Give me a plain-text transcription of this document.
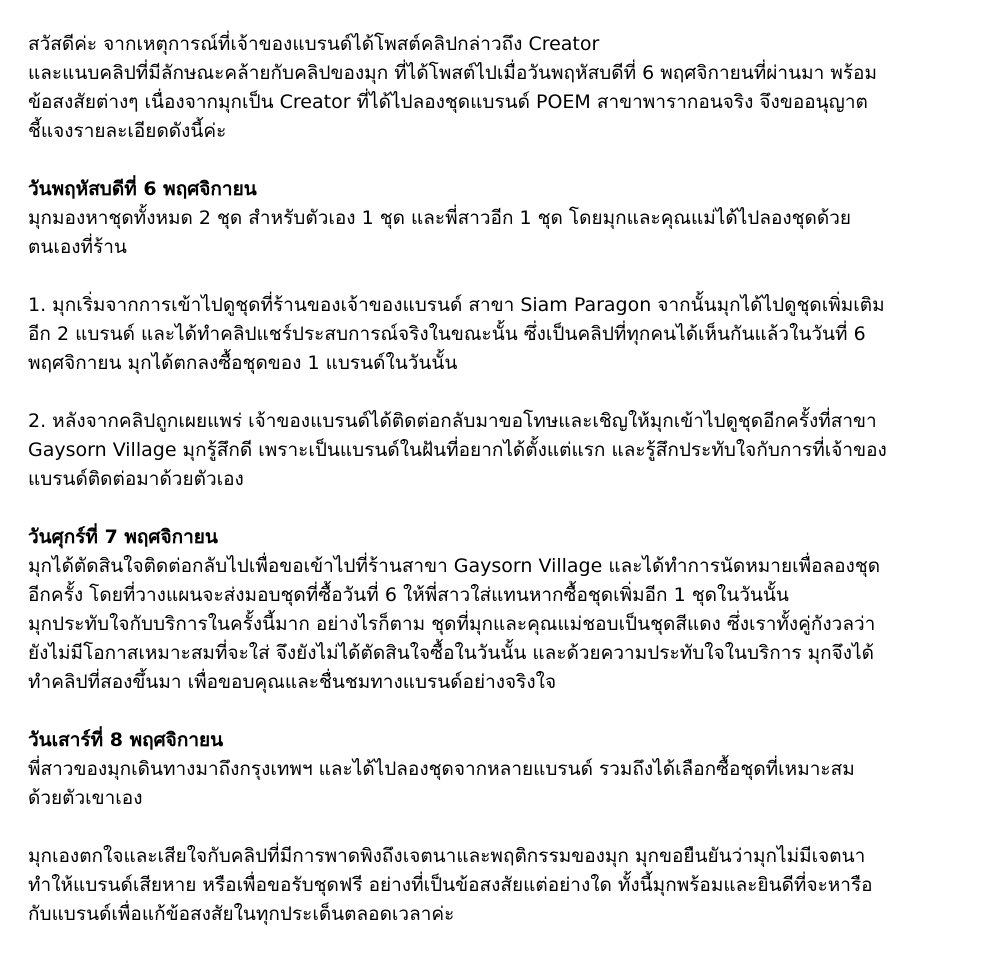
สวัสดีค่ะ จากเหตุการณ์ที่เจ้าของแบรนด์ได้โพสต์คลิปกล่าวถึง Creator
และแนบคลิปที่มีลักษณะคล้ายกับคลิปของมุก ที่ได้โพสต์ไปเมื่อวันพฤหัสบดีที่ 6 พฤศจิกายนที่ผ่านมา พร้อม
ข้อสงสัยต่างๆ เนื่องจากมุกเป็น Creator ที่ได้ไปลองชุดแบรนด์ POEM สาขาพารากอนจริง จึงขออนุญาต
ชี้แจงรายละเอียดดังนี้ค่ะ
วันพฤหัสบดีที่ 6 พฤศจิกายน
มุกมองหาชุดทั้งหมด 2 ชุด สำหรับตัวเอง 1 ชุด และพี่สาวอีก 1 ชุด โดยมุกและคุณแม่ได้ไปลองชุดด้วย
ตนเองที่ร้าน
1. มุกเริ่มจากการเข้าไปดูชุดที่ร้านของเจ้าของแบรนด์ สาขา Siam Paragon จากนั้นมุกได้ไปดูชุดเพิ่มเติม
อีก 2 แบรนด์ และได้ทำคลิปแชร์ประสบการณ์จริงในขณะนั้น ซึ่งเป็นคลิปที่ทุกคนได้เห็นกันแล้วในวันที่ 6
พฤศจิกายน มุกได้ตกลงซื้อชุดของ 1 แบรนด์ในวันนั้น
2. หลังจากคลิปถูกเผยแพร่ เจ้าของแบรนด์ได้ติดต่อกลับมาขอโทษและเชิญให้มุกเข้าไปดูชุดอีกครั้งที่สาขา
Gaysorn Village มุกรู้สึกดี เพราะเป็นแบรนด์ในฝันที่อยากได้ตั้งแต่แรก และรู้สึกประทับใจกับการที่เจ้าของ
แบรนด์ติดต่อมาด้วยตัวเอง
วันศุกร์ที่ 7 พฤศจิกายน
มุกได้ตัดสินใจติดต่อกลับไปเพื่อขอเข้าไปที่ร้านสาขา Gaysorn Village และได้ทำการนัดหมายเพื่อลองชุด
อีกครั้ง โดยที่วางแผนจะส่งมอบชุดที่ซื้อวันที่ 6 ให้พี่สาวใส่แทนหากซื้อชุดเพิ่มอีก 1 ชุดในวันนั้น
มุกประทับใจกับบริการในครั้งนี้มาก อย่างไรก็ตาม ชุดที่มุกและคุณแม่ชอบเป็นชุดสีแดง ซึ่งเราทั้งคู่กังวลว่า
ยังไม่มีโอกาสเหมาะสมที่จะใส่ จึงยังไม่ได้ตัดสินใจซื้อในวันนั้น และด้วยความประทับใจในบริการ มุกจึงได้
ทำคลิปที่สองขึ้นมา เพื่อขอบคุณและชื่นชมทางแบรนด์อย่างจริงใจ
วันเสาร์ที่ 8 พฤศจิกายน
พี่สาวของมุกเดินทางมาถึงกรุงเทพฯ และได้ไปลองชุดจากหลายแบรนด์ รวมถึงได้เลือกซื้อชุดที่เหมาะสม
ด้วยตัวเขาเอง
มุกเองตกใจและเสียใจกับคลิปที่มีการพาดพิงถึงเจตนาและพฤติกรรมของมุก มุกขอยืนยันว่ามุกไม่มีเจตนา
ทำให้แบรนด์เสียหาย หรือเพื่อขอรับชุดฟรี อย่างที่เป็นข้อสงสัยแต่อย่างใด ทั้งนี้มุกพร้อมและยินดีที่จะหารือ
กับแบรนด์เพื่อแก้ข้อสงสัยในทุกประเด็นตลอดเวลาค่ะ
